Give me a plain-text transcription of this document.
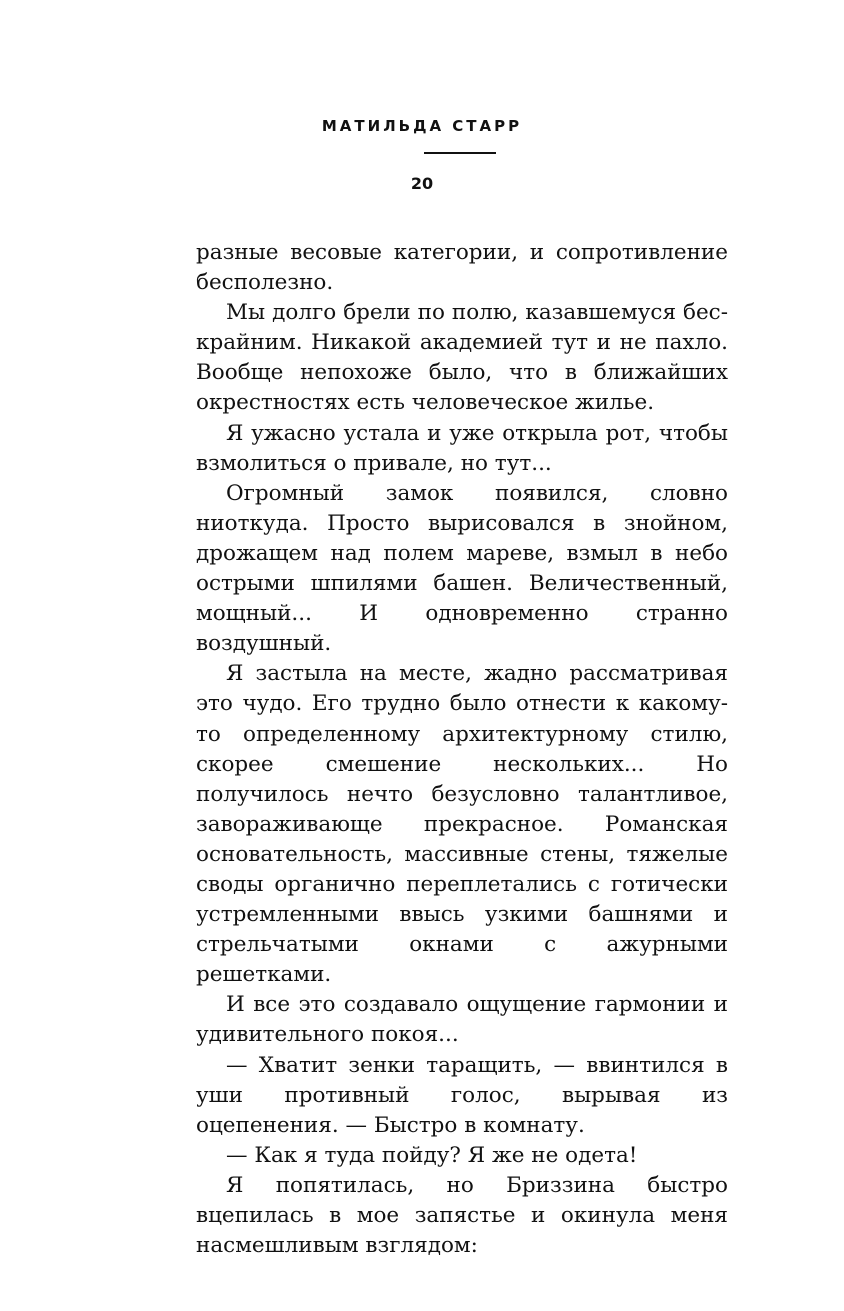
МАТИЛЬДА СТАРР
20

разные весовые категории, и сопротивление бесполезно.

Мы долго брели по полю, казавшемуся бескрайним. Никакой академией тут и не пахло. Вообще непохоже было, что в ближайших окрестностях есть человеческое жилье.

Я ужасно устала и уже открыла рот, чтобы взмолиться о привале, но тут...

Огромный замок появился, словно ниоткуда. Просто вырисовался в знойном, дрожащем над полем мареве, взмыл в небо острыми шпилями башен. Величественный, мощный... И одновременно странно воздушный.

Я застыла на месте, жадно рассматривая это чудо. Его трудно было отнести к какому-то определенному архитектурному стилю, скорее смешение нескольких... Но получилось нечто безусловно талантливое, завораживающе прекрасное. Романская основательность, массивные стены, тяжелые своды органично переплетались с готически устремленными ввысь узкими башнями и стрельчатыми окнами с ажурными решетками.

И все это создавало ощущение гармонии и удивительного покоя...

— Хватит зенки таращить, — ввинтился в уши противный голос, вырывая из оцепенения. — Быстро в комнату.

— Как я туда пойду? Я же не одета!

Я попятилась, но Бриззина быстро вцепилась в мое запястье и окинула меня насмешливым взглядом:
